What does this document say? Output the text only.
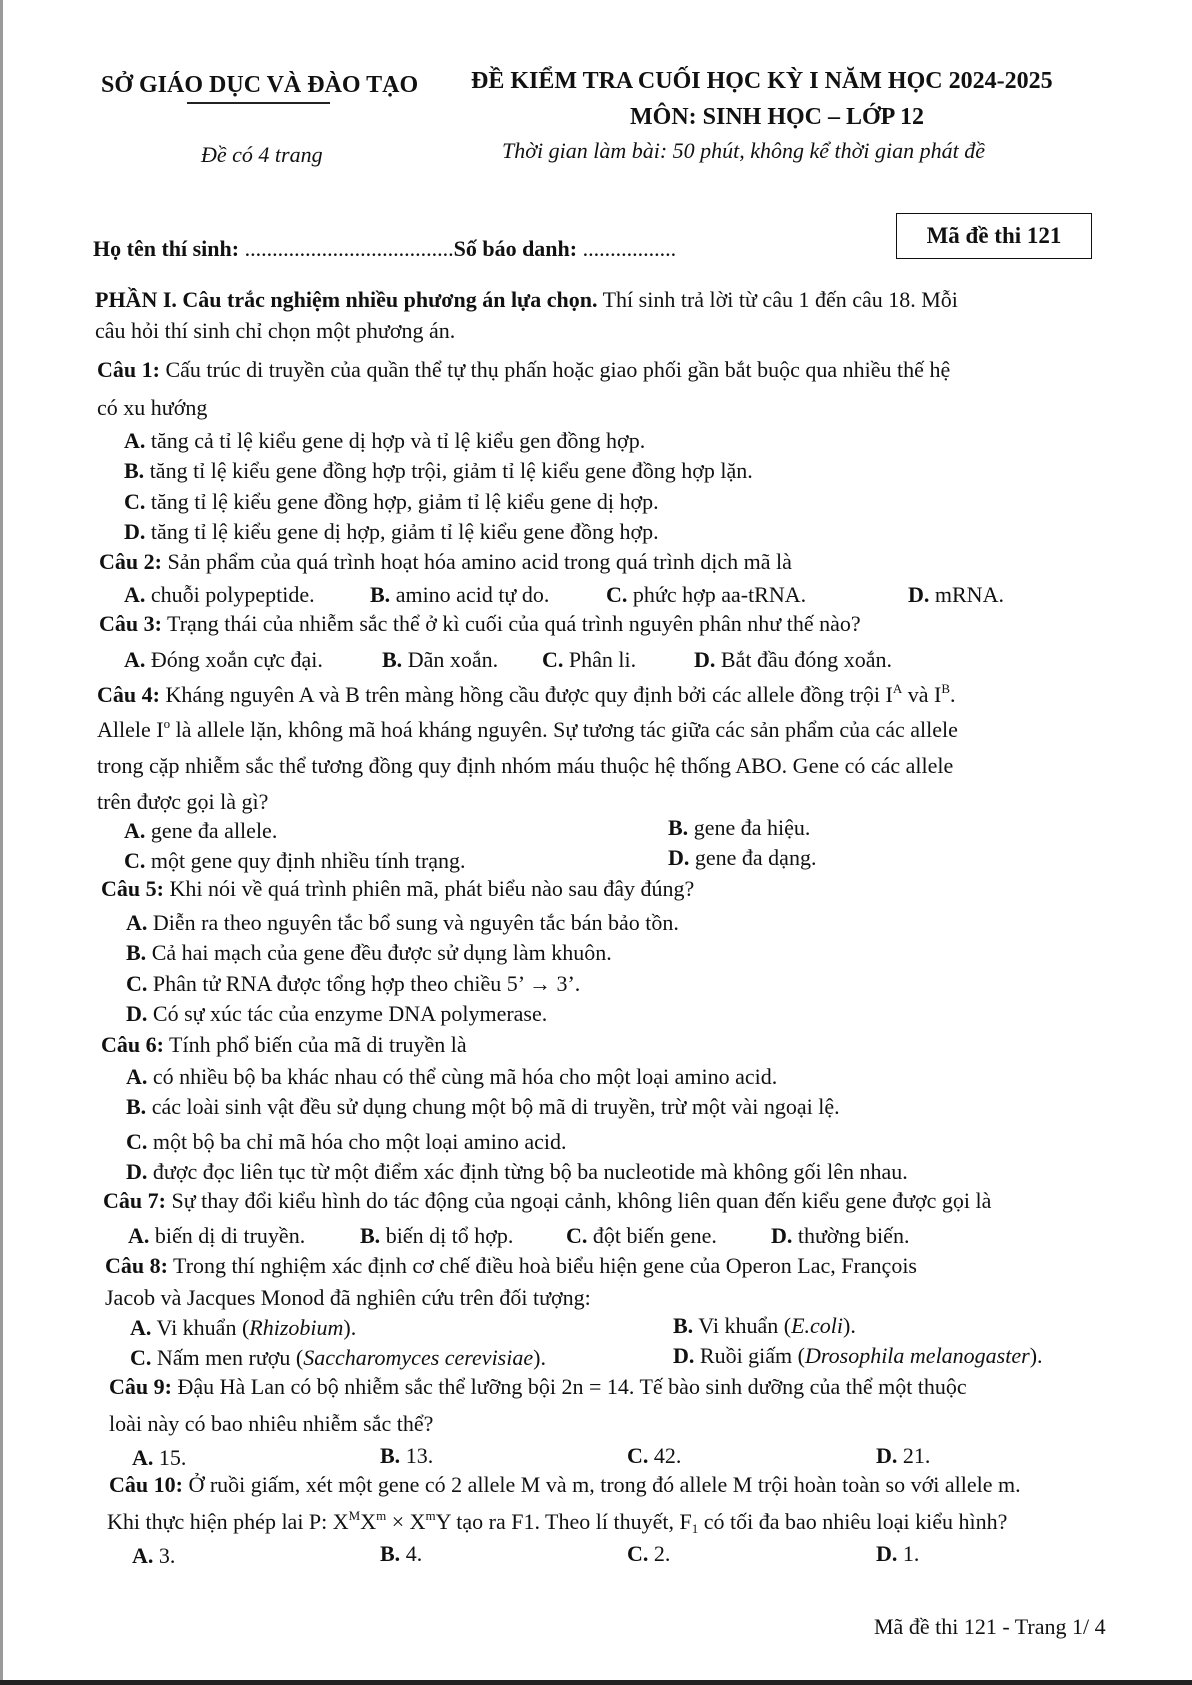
SỞ GIÁO DỤC VÀ ĐÀO TẠO ĐỀ KIỂM TRA CUỐI HỌC KỲ I NĂM HỌC 2024-2025
MÔN: SINH HỌC – LỚP 12
Đề có 4 trang	Thời gian làm bài: 50 phút, không kể thời gian phát đề
Họ tên thí sinh: ......................................Số báo danh: .................
Mã đề thi 121
PHẦN I. Câu trắc nghiệm nhiều phương án lựa chọn. Thí sinh trả lời từ câu 1 đến câu 18. Mỗi
câu hỏi thí sinh chỉ chọn một phương án.
Câu 1: Cấu trúc di truyền của quần thể tự thụ phấn hoặc giao phối gần bắt buộc qua nhiều thế hệ
có xu hướng
A. tăng cả tỉ lệ kiểu gene dị hợp và tỉ lệ kiểu gen đồng hợp.
B. tăng tỉ lệ kiểu gene đồng hợp trội, giảm tỉ lệ kiểu gene đồng hợp lặn.
C. tăng tỉ lệ kiểu gene đồng hợp, giảm tỉ lệ kiểu gene dị hợp.
D. tăng tỉ lệ kiểu gene dị hợp, giảm tỉ lệ kiểu gene đồng hợp.
Câu 2: Sản phẩm của quá trình hoạt hóa amino acid trong quá trình dịch mã là
A. chuỗi polypeptide.	B. amino acid tự do.	C. phức hợp aa-tRNA.	D. mRNA.
Câu 3: Trạng thái của nhiễm sắc thể ở kì cuối của quá trình nguyên phân như thế nào?
A. Đóng xoắn cực đại.	B. Dãn xoắn. C. Phân li.	D. Bắt đầu đóng xoắn.
Câu 4: Kháng nguyên A và B trên màng hồng cầu được quy định bởi các allele đồng trội $I^A$ và $I^B$.
Allele $I^o$ là allele lặn, không mã hoá kháng nguyên. Sự tương tác giữa các sản phẩm của các allele
trong cặp nhiễm sắc thể tương đồng quy định nhóm máu thuộc hệ thống ABO. Gene có các allele
trên được gọi là gì?
A. gene đa allele.	B. gene đa hiệu.
C. một gene quy định nhiều tính trạng.	D. gene đa dạng.
Câu 5: Khi nói về quá trình phiên mã, phát biểu nào sau đây đúng?
A. Diễn ra theo nguyên tắc bổ sung và nguyên tắc bán bảo tồn.
B. Cả hai mạch của gene đều được sử dụng làm khuôn.
C. Phân tử RNA được tổng hợp theo chiều 5’ → 3’.
D. Có sự xúc tác của enzyme DNA polymerase.
Câu 6: Tính phổ biến của mã di truyền là
A. có nhiều bộ ba khác nhau có thể cùng mã hóa cho một loại amino acid.
B. các loài sinh vật đều sử dụng chung một bộ mã di truyền, trừ một vài ngoại lệ.
C. một bộ ba chỉ mã hóa cho một loại amino acid.
D. được đọc liên tục từ một điểm xác định từng bộ ba nucleotide mà không gối lên nhau.
Câu 7: Sự thay đổi kiểu hình do tác động của ngoại cảnh, không liên quan đến kiểu gene được gọi là
A. biến dị di truyền. B. biến dị tổ hợp. C. đột biến gene. D. thường biến.
Câu 8: Trong thí nghiệm xác định cơ chế điều hoà biểu hiện gene của Operon Lac, François
Jacob và Jacques Monod đã nghiên cứu trên đối tượng:
A. Vi khuẩn (Rhizobium).	B. Vi khuẩn (E.coli).
C. Nấm men rượu (Saccharomyces cerevisiae).	D. Ruồi giấm (Drosophila melanogaster).
Câu 9: Đậu Hà Lan có bộ nhiễm sắc thể lưỡng bội 2n = 14. Tế bào sinh dưỡng của thể một thuộc
loài này có bao nhiêu nhiễm sắc thể?
A. 15.	B. 13.	C. 42.	D. 21.
Câu 10: Ở ruồi giấm, xét một gene có 2 allele M và m, trong đó allele M trội hoàn toàn so với allele m.
Khi thực hiện phép lai P: $X^MX^m \times X^mY$ tạo ra F1. Theo lí thuyết, $F_1$ có tối đa bao nhiêu loại kiểu hình?
A. 3.	B. 4.	C. 2.	D. 1.
Mã đề thi 121 - Trang 1/ 4
